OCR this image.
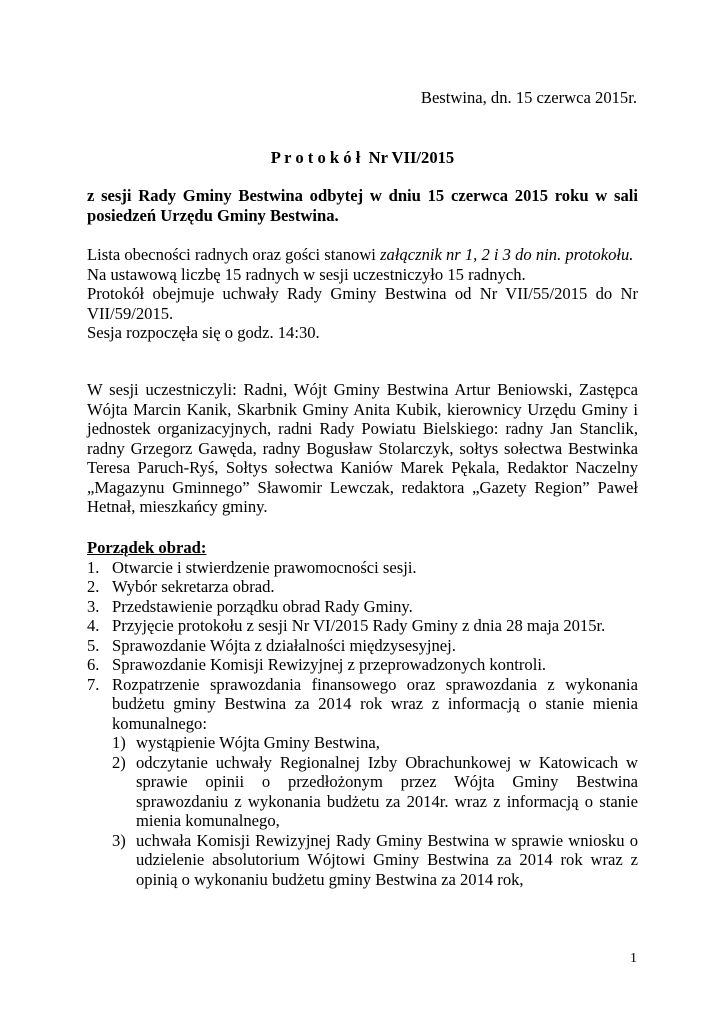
Bestwina, dn. 15 czerwca 2015r.
P r o t o k ó ł  Nr VII/2015

z sesji Rady Gminy Bestwina odbytej w dniu 15 czerwca 2015 roku w sali posiedzeń Urzędu Gminy Bestwina.

Lista obecności radnych oraz gości stanowi załącznik nr 1, 2 i 3 do nin. protokołu.

Na ustawową liczbę 15 radnych w sesji uczestniczyło 15 radnych.

Protokół obejmuje uchwały Rady Gminy Bestwina od Nr VII/55/2015 do Nr VII/59/2015.

Sesja rozpoczęła się o godz. 14:30.

W sesji uczestniczyli: Radni, Wójt Gminy Bestwina Artur Beniowski, Zastępca Wójta Marcin Kanik, Skarbnik Gminy Anita Kubik, kierownicy Urzędu Gminy i jednostek organizacyjnych, radni Rady Powiatu Bielskiego: radny Jan Stanclik, radny Grzegorz Gawęda, radny Bogusław Stolarczyk, sołtys sołectwa Bestwinka Teresa Paruch-Ryś, Sołtys sołectwa Kaniów Marek Pękala, Redaktor Naczelny „Magazynu Gminnego” Sławomir Lewczak, redaktora „Gazety Region” Paweł Hetnał, mieszkańcy gminy.

Porządek obrad:
1. Otwarcie i stwierdzenie prawomocności sesji.
2. Wybór sekretarza obrad.
3. Przedstawienie porządku obrad Rady Gminy.
4. Przyjęcie protokołu z sesji Nr VI/2015 Rady Gminy z dnia 28 maja 2015r.
5. Sprawozdanie Wójta z działalności międzysesyjnej.
6. Sprawozdanie Komisji Rewizyjnej z przeprowadzonych kontroli.
7. Rozpatrzenie sprawozdania finansowego oraz sprawozdania z wykonania budżetu gminy Bestwina za 2014 rok wraz z informacją o stanie mienia komunalnego:
1) wystąpienie Wójta Gminy Bestwina,
2) odczytanie uchwały Regionalnej Izby Obrachunkowej w Katowicach w sprawie opinii o przedłożonym przez Wójta Gminy Bestwina sprawozdaniu z wykonania budżetu za 2014r. wraz z informacją o stanie mienia komunalnego,
3) uchwała Komisji Rewizyjnej Rady Gminy Bestwina w sprawie wniosku o udzielenie absolutorium Wójtowi Gminy Bestwina za 2014 rok wraz z opinią o wykonaniu budżetu gminy Bestwina za 2014 rok,
1
